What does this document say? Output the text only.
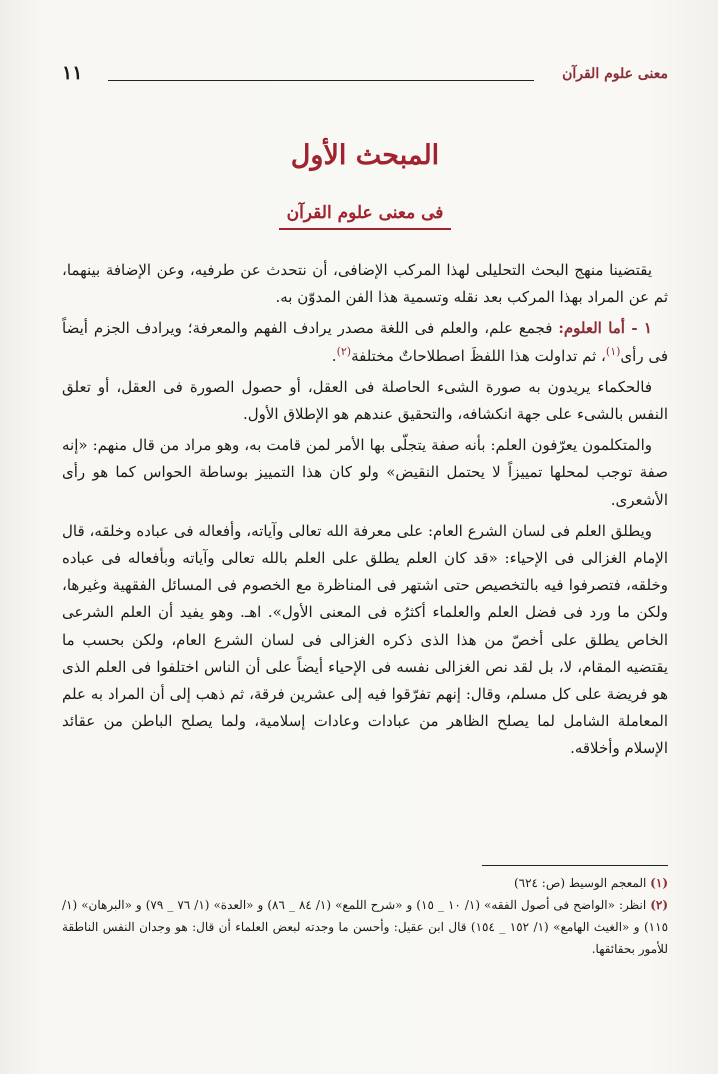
معنى علوم القرآن
١١
المبحث الأول
فى معنى علوم القرآن

يقتضينا منهج البحث التحليلى لهذا المركب الإضافى، أن نتحدث عن طرفيه، وعن الإضافة بينهما، ثم عن المراد بهذا المركب بعد نقله وتسمية هذا الفن المدوّن به.

١ - أما العلوم: فجمع علم، والعلم فى اللغة مصدر يرادف الفهم والمعرفة؛ ويرادف الجزم أيضاً فى رأى$^{(١)}$، ثم تداولت هذا اللفظَ اصطلاحاتٌ مختلفة$^{(٢)}$.

فالحكماء يريدون به صورة الشىء الحاصلة فى العقل، أو حصول الصورة فى العقل، أو تعلق النفس بالشىء على جهة انكشافه، والتحقيق عندهم هو الإطلاق الأول.

والمتكلمون يعرّفون العلم: بأنه صفة يتجلّى بها الأمر لمن قامت به، وهو مراد من قال منهم: «إنه صفة توجب لمحلها تمييزاً لا يحتمل النقيض» ولو كان هذا التمييز بوساطة الحواس كما هو رأى الأشعرى.

ويطلق العلم فى لسان الشرع العام: على معرفة الله تعالى وآياته، وأفعاله فى عباده وخلقه، قال الإمام الغزالى فى الإحياء: «قد كان العلم يطلق على العلم بالله تعالى وآياته وبأفعاله فى عباده وخلقه، فتصرفوا فيه بالتخصيص حتى اشتهر فى المناظرة مع الخصوم فى المسائل الفقهية وغيرها، ولكن ما ورد فى فضل العلم والعلماء أكثرُه فى المعنى الأول». اهـ. وهو يفيد أن العلم الشرعى الخاص يطلق على أخصّ من هذا الذى ذكره الغزالى فى لسان الشرع العام، ولكن بحسب ما يقتضيه المقام، لا، بل لقد نص الغزالى نفسه فى الإحياء أيضاً على أن الناس اختلفوا فى العلم الذى هو فريضة على كل مسلم، وقال: إنهم تفرّقوا فيه إلى عشرين فرقة، ثم ذهب إلى أن المراد به علم المعاملة الشامل لما يصلح الظاهر من عبادات وعادات إسلامية، ولما يصلح الباطن من عقائد الإسلام وأخلاقه.

(١) المعجم الوسيط (ص: ٦٢٤)

(٢) انظر: «الواضح فى أصول الفقه» (١/ ١٠ _ ١٥) و «شرح اللمع» (١/ ٨٤ _ ٨٦) و «العدة» (١/ ٧٦ _ ٧٩) و «البرهان» (١/ ١١٥) و «الغيث الهامع» (١/ ١٥٢ _ ١٥٤) قال ابن عقيل: وأحسن ما وجدته لبعض العلماء أن قال: هو وجدان النفس الناطقة للأمور بحقائقها.
